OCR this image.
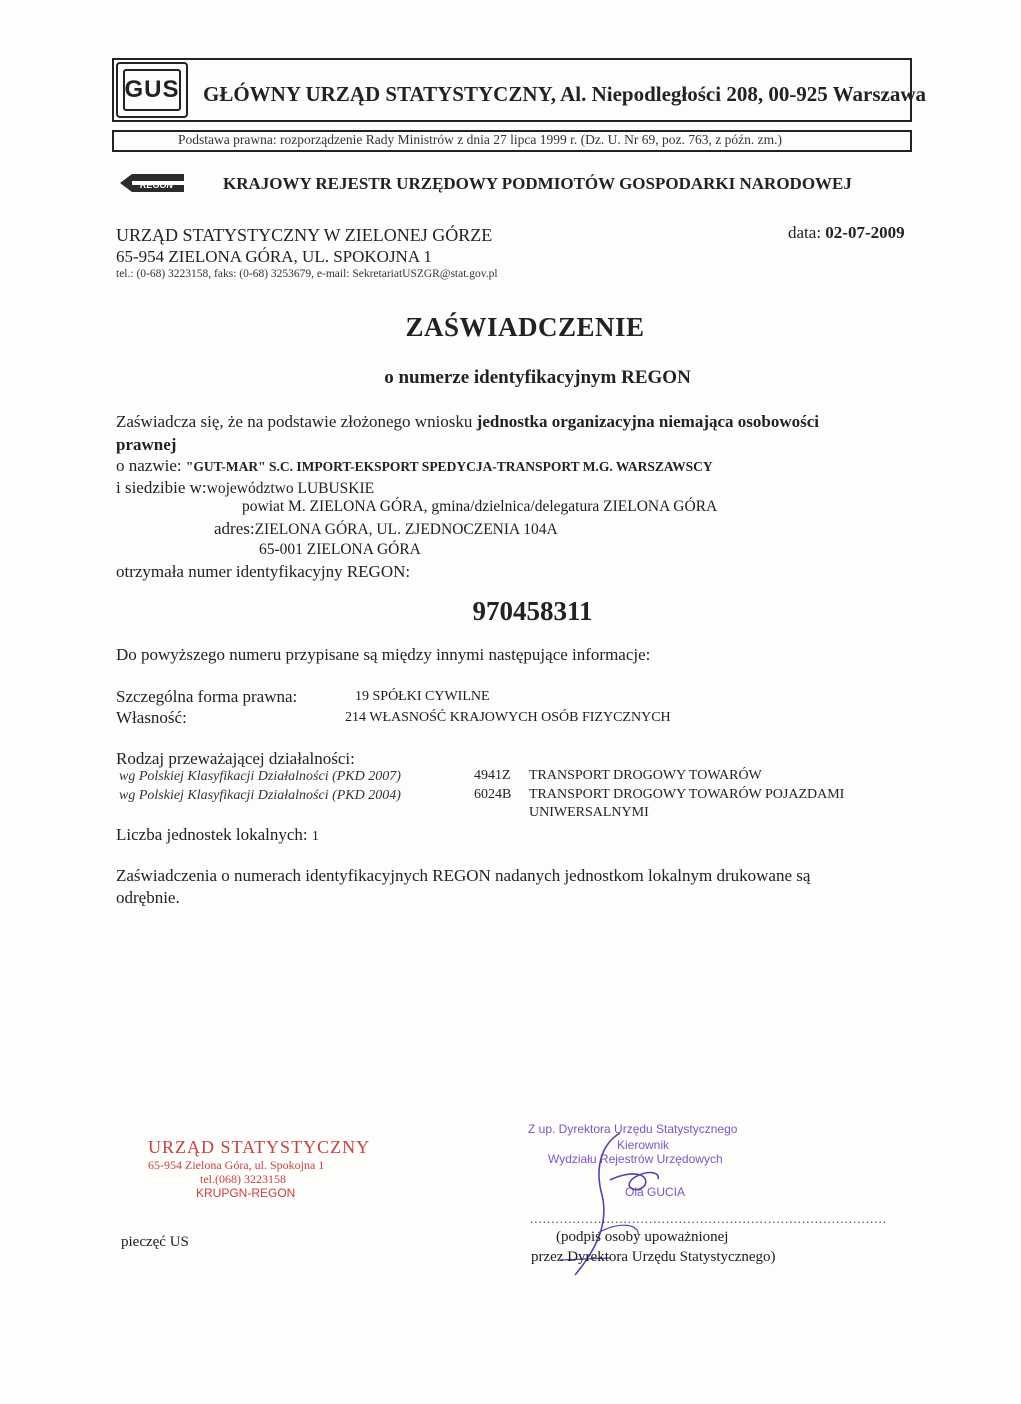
GUS GŁÓWNY URZĄD STATYSTYCZNY, Al. Niepodległości 208, 00-925 Warszawa
Podstawa prawna: rozporządzenie Rady Ministrów z dnia 27 lipca 1999 r. (Dz. U. Nr 69, poz. 763, z późn. zm.)
REGON	KRAJOWY REJESTR URZĘDOWY PODMIOTÓW GOSPODARKI NARODOWEJ
URZĄD STATYSTYCZNY W ZIELONEJ GÓRZE
65-954 ZIELONA GÓRA, UL. SPOKOJNA 1
tel.: (0-68) 3223158, faks: (0-68) 3253679, e-mail: SekretariatUSZGR@stat.gov.pl
data: 02-07-2009
ZAŚWIADCZENIE
o numerze identyfikacyjnym REGON
Zaświadcza się, że na podstawie złożonego wniosku jednostka organizacyjna niemająca osobowości
prawnej
o nazwie: "GUT-MAR" S.C. IMPORT-EKSPORT SPEDYCJA-TRANSPORT M.G. WARSZAWSCY
i siedzibie w:województwo LUBUSKIE
powiat M. ZIELONA GÓRA, gmina/dzielnica/delegatura ZIELONA GÓRA
adres:ZIELONA GÓRA, UL. ZJEDNOCZENIA 104A
65-001 ZIELONA GÓRA
otrzymała numer identyfikacyjny REGON:
970458311
Do powyższego numeru przypisane są między innymi następujące informacje:
Szczególna forma prawna:	19 SPÓŁKI CYWILNE
Własność:	214 WŁASNOŚĆ KRAJOWYCH OSÓB FIZYCZNYCH
Rodzaj przeważającej działalności:
wg Polskiej Klasyfikacji Działalności (PKD 2007)	4941Z TRANSPORT DROGOWY TOWARÓW
wg Polskiej Klasyfikacji Działalności (PKD 2004)	6024B TRANSPORT DROGOWY TOWARÓW POJAZDAMI
UNIWERSALNYMI
Liczba jednostek lokalnych: 1
Zaświadczenia o numerach identyfikacyjnych REGON nadanych jednostkom lokalnym drukowane są
odrębnie.
URZĄD STATYSTYCZNY
65-954 Zielona Góra, ul. Spokojna 1
tel.(068) 3223158
KRUPGN-REGON
pieczęć US
Z up. Dyrektora Urzędu Statystycznego
Kierownik
Wydziału Rejestrów Urzędowych
Ola GUCIA
....................................................................................
(podpis osoby upoważnionej
przez Dyrektora Urzędu Statystycznego)
